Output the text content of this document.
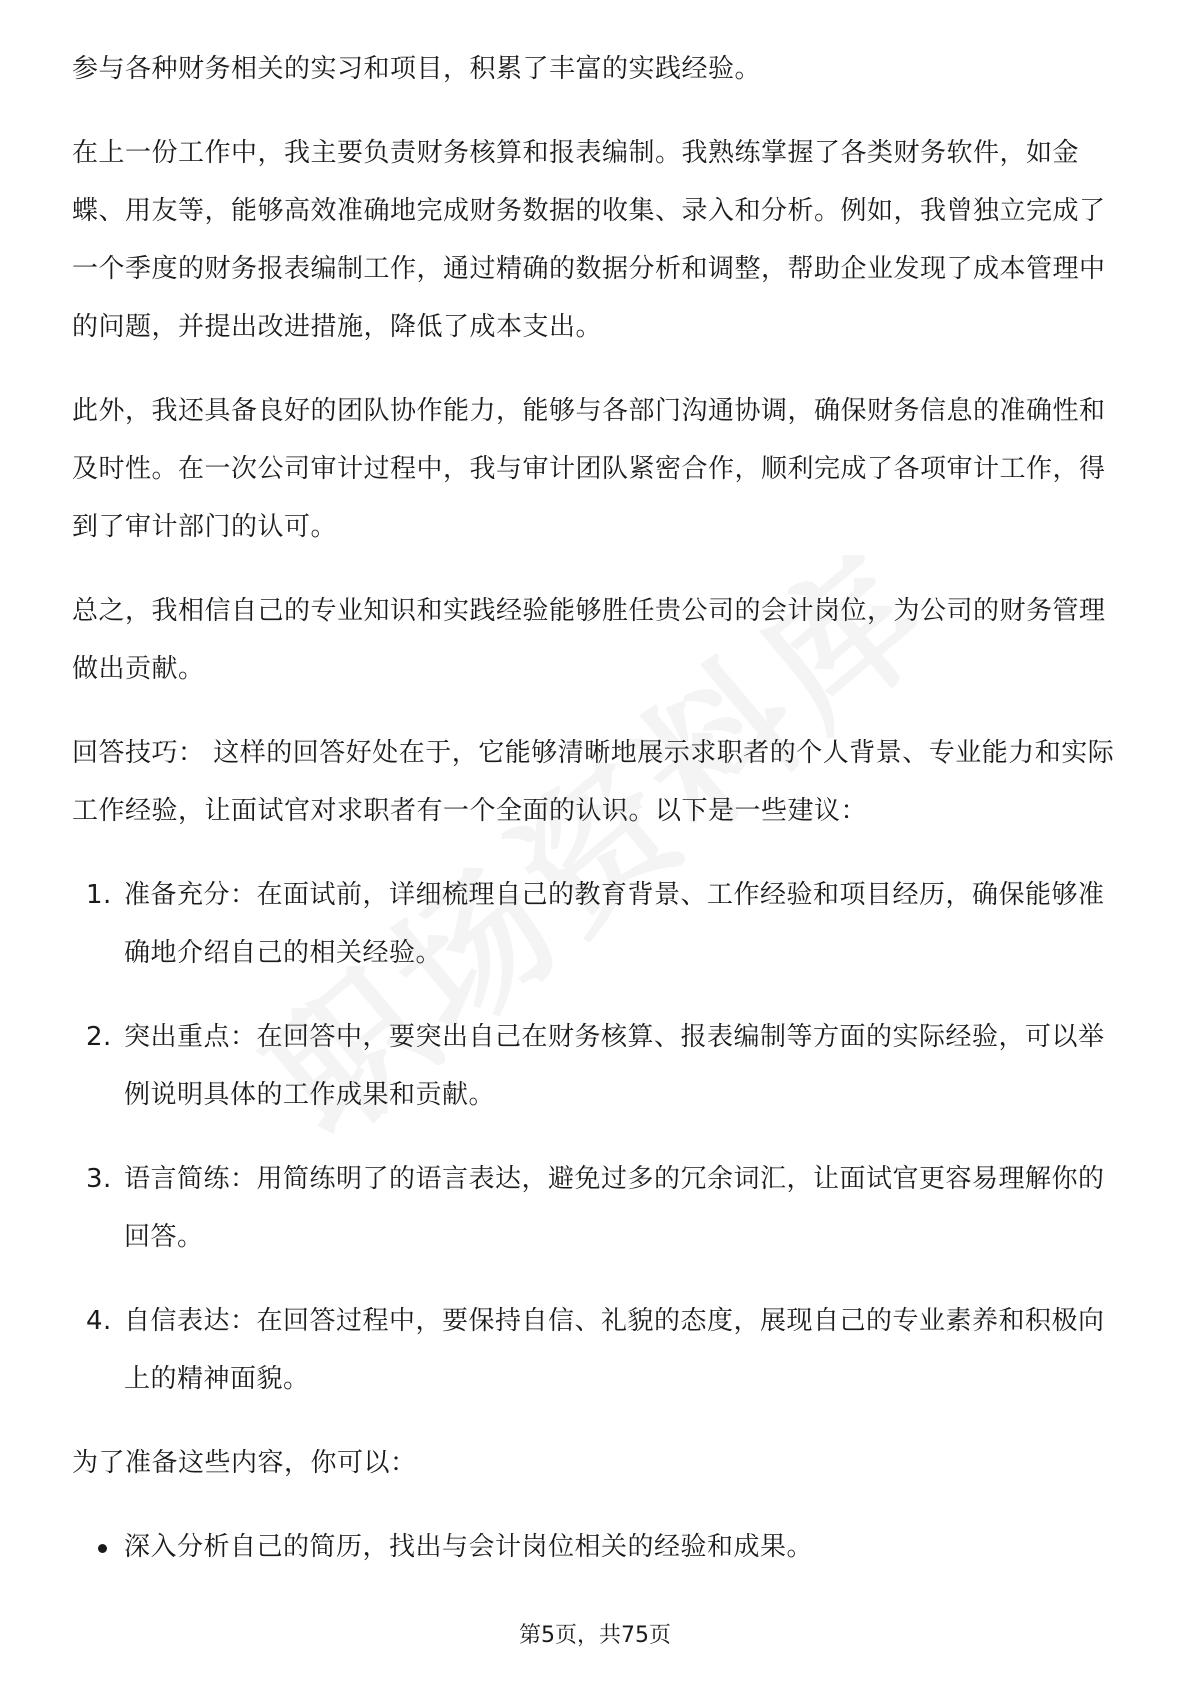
参与各种财务相关的实习和项目，积累了丰富的实践经验。

在上一份工作中，我主要负责财务核算和报表编制。我熟练掌握了各类财务软件，如金蝶、用友等，能够高效准确地完成财务数据的收集、录入和分析。例如，我曾独立完成了一个季度的财务报表编制工作，通过精确的数据分析和调整，帮助企业发现了成本管理中的问题，并提出改进措施，降低了成本支出。

此外，我还具备良好的团队协作能力，能够与各部门沟通协调，确保财务信息的准确性和及时性。在一次公司审计过程中，我与审计团队紧密合作，顺利完成了各项审计工作，得到了审计部门的认可。

总之，我相信自己的专业知识和实践经验能够胜任贵公司的会计岗位，为公司的财务管理做出贡献。

回答技巧： 这样的回答好处在于，它能够清晰地展示求职者的个人背景、专业能力和实际工作经验，让面试官对求职者有一个全面的认识。以下是一些建议：

1. 准备充分：在面试前，详细梳理自己的教育背景、工作经验和项目经历，确保能够准确地介绍自己的相关经验。
2. 突出重点：在回答中，要突出自己在财务核算、报表编制等方面的实际经验，可以举例说明具体的工作成果和贡献。
3. 语言简练：用简练明了的语言表达，避免过多的冗余词汇，让面试官更容易理解你的回答。
4. 自信表达：在回答过程中，要保持自信、礼貌的态度，展现自己的专业素养和积极向上的精神面貌。

为了准备这些内容，你可以：

深入分析自己的简历，找出与会计岗位相关的经验和成果。
第5页，共75页
